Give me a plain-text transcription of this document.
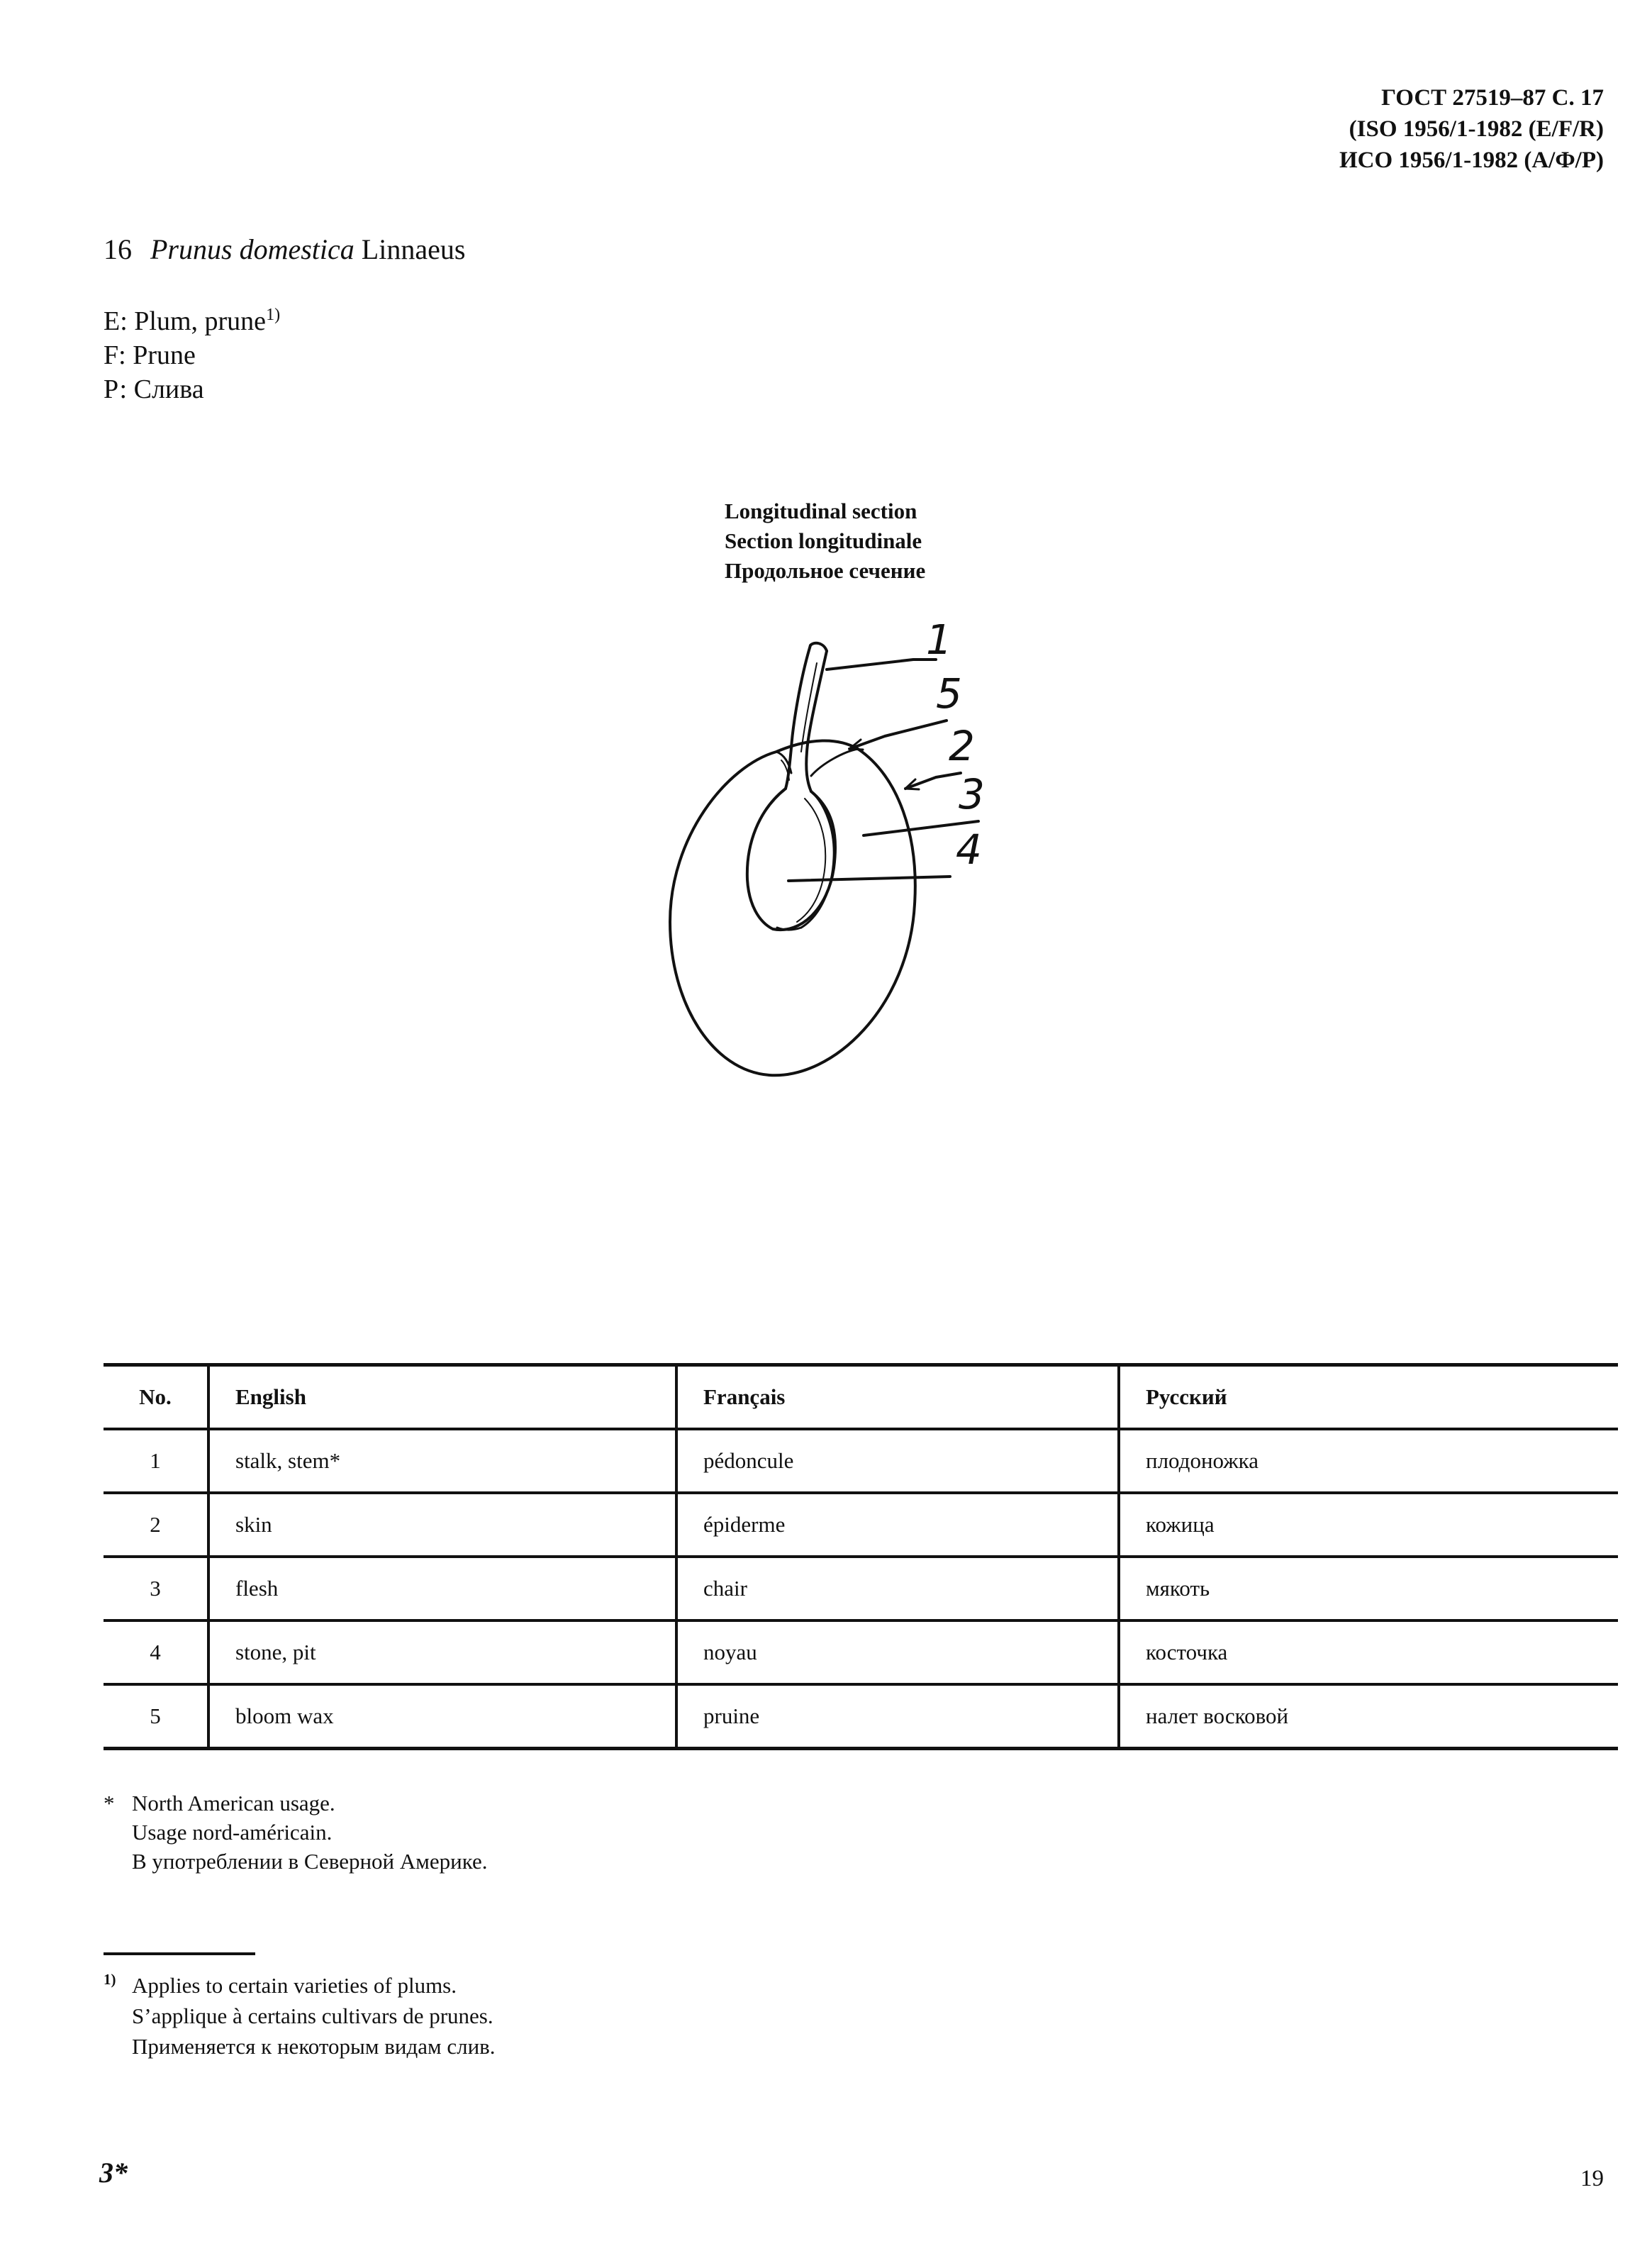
ГОСТ 27519–87 С. 17
(ISO 1956/1-1982 (E/F/R)
ИСО 1956/1-1982 (А/Ф/Р)
16 Prunus domestica Linnaeus
E: Plum, prune$^{1)}$
F: Prune
Р: Слива
Longitudinal section
Section longitudinale
Продольное сечение
1
5
2
3
4
No.	English	Français	Русский
1	stalk, stem*	pédoncule	плодоножка
2	skin	épiderme	кожица
3	flesh	chair	мякоть
4	stone, pit	noyau	косточка
5	bloom wax	pruine	налет восковой
* North American usage.
Usage nord-américain.
В употреблении в Северной Америке.
1) Applies to certain varieties of plums.
S’applique à certains cultivars de prunes.
Применяется к некоторым видам слив.
3*	19
